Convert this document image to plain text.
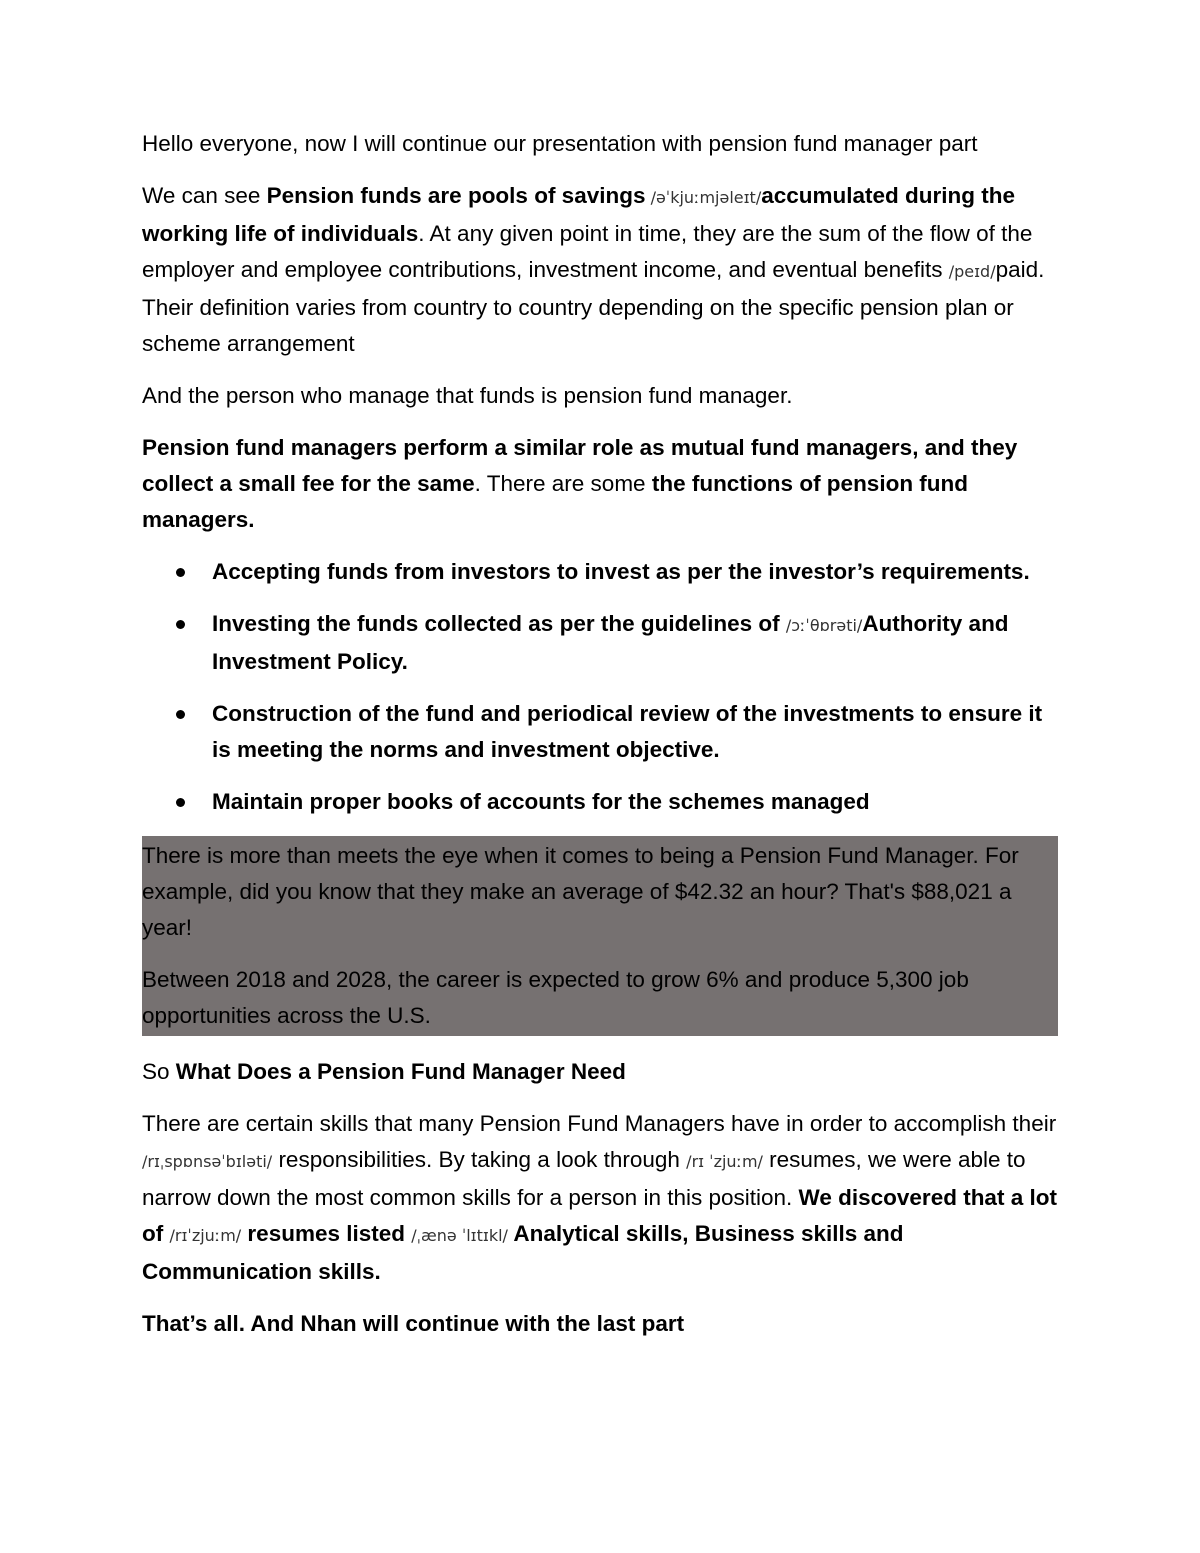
Hello everyone, now I will continue our presentation with pension fund manager part

We can see Pension funds are pools of savings /əˈkjuːmjəleɪt/accumulated during the working life of individuals. At any given point in time, they are the sum of the flow of the employer and employee contributions, investment income, and eventual benefits /peɪd/paid. Their definition varies from country to country depending on the specific pension plan or scheme arrangement

And the person who manage that funds is pension fund manager.

Pension fund managers perform a similar role as mutual fund managers, and they collect a small fee for the same. There are some the functions of pension fund managers.

Accepting funds from investors to invest as per the investor’s requirements.
Investing the funds collected as per the guidelines of /ɔːˈθɒrəti/Authority and Investment Policy.
Construction of the fund and periodical review of the investments to ensure it is meeting the norms and investment objective.
Maintain proper books of accounts for the schemes managed

There is more than meets the eye when it comes to being a Pension Fund Manager. For example, did you know that they make an average of $42.32 an hour? That's $88,021 a year!

Between 2018 and 2028, the career is expected to grow 6% and produce 5,300 job opportunities across the U.S.

So What Does a Pension Fund Manager Need

There are certain skills that many Pension Fund Managers have in order to accomplish their /rɪˌspɒnsəˈbɪləti/ responsibilities. By taking a look through /rɪ ˈzjuːm/ resumes, we were able to narrow down the most common skills for a person in this position. We discovered that a lot of /rɪˈzjuːm/ resumes listed /ˌænə ˈlɪtɪkl/ Analytical skills, Business skills and Communication skills.

That’s all. And Nhan will continue with the last part
